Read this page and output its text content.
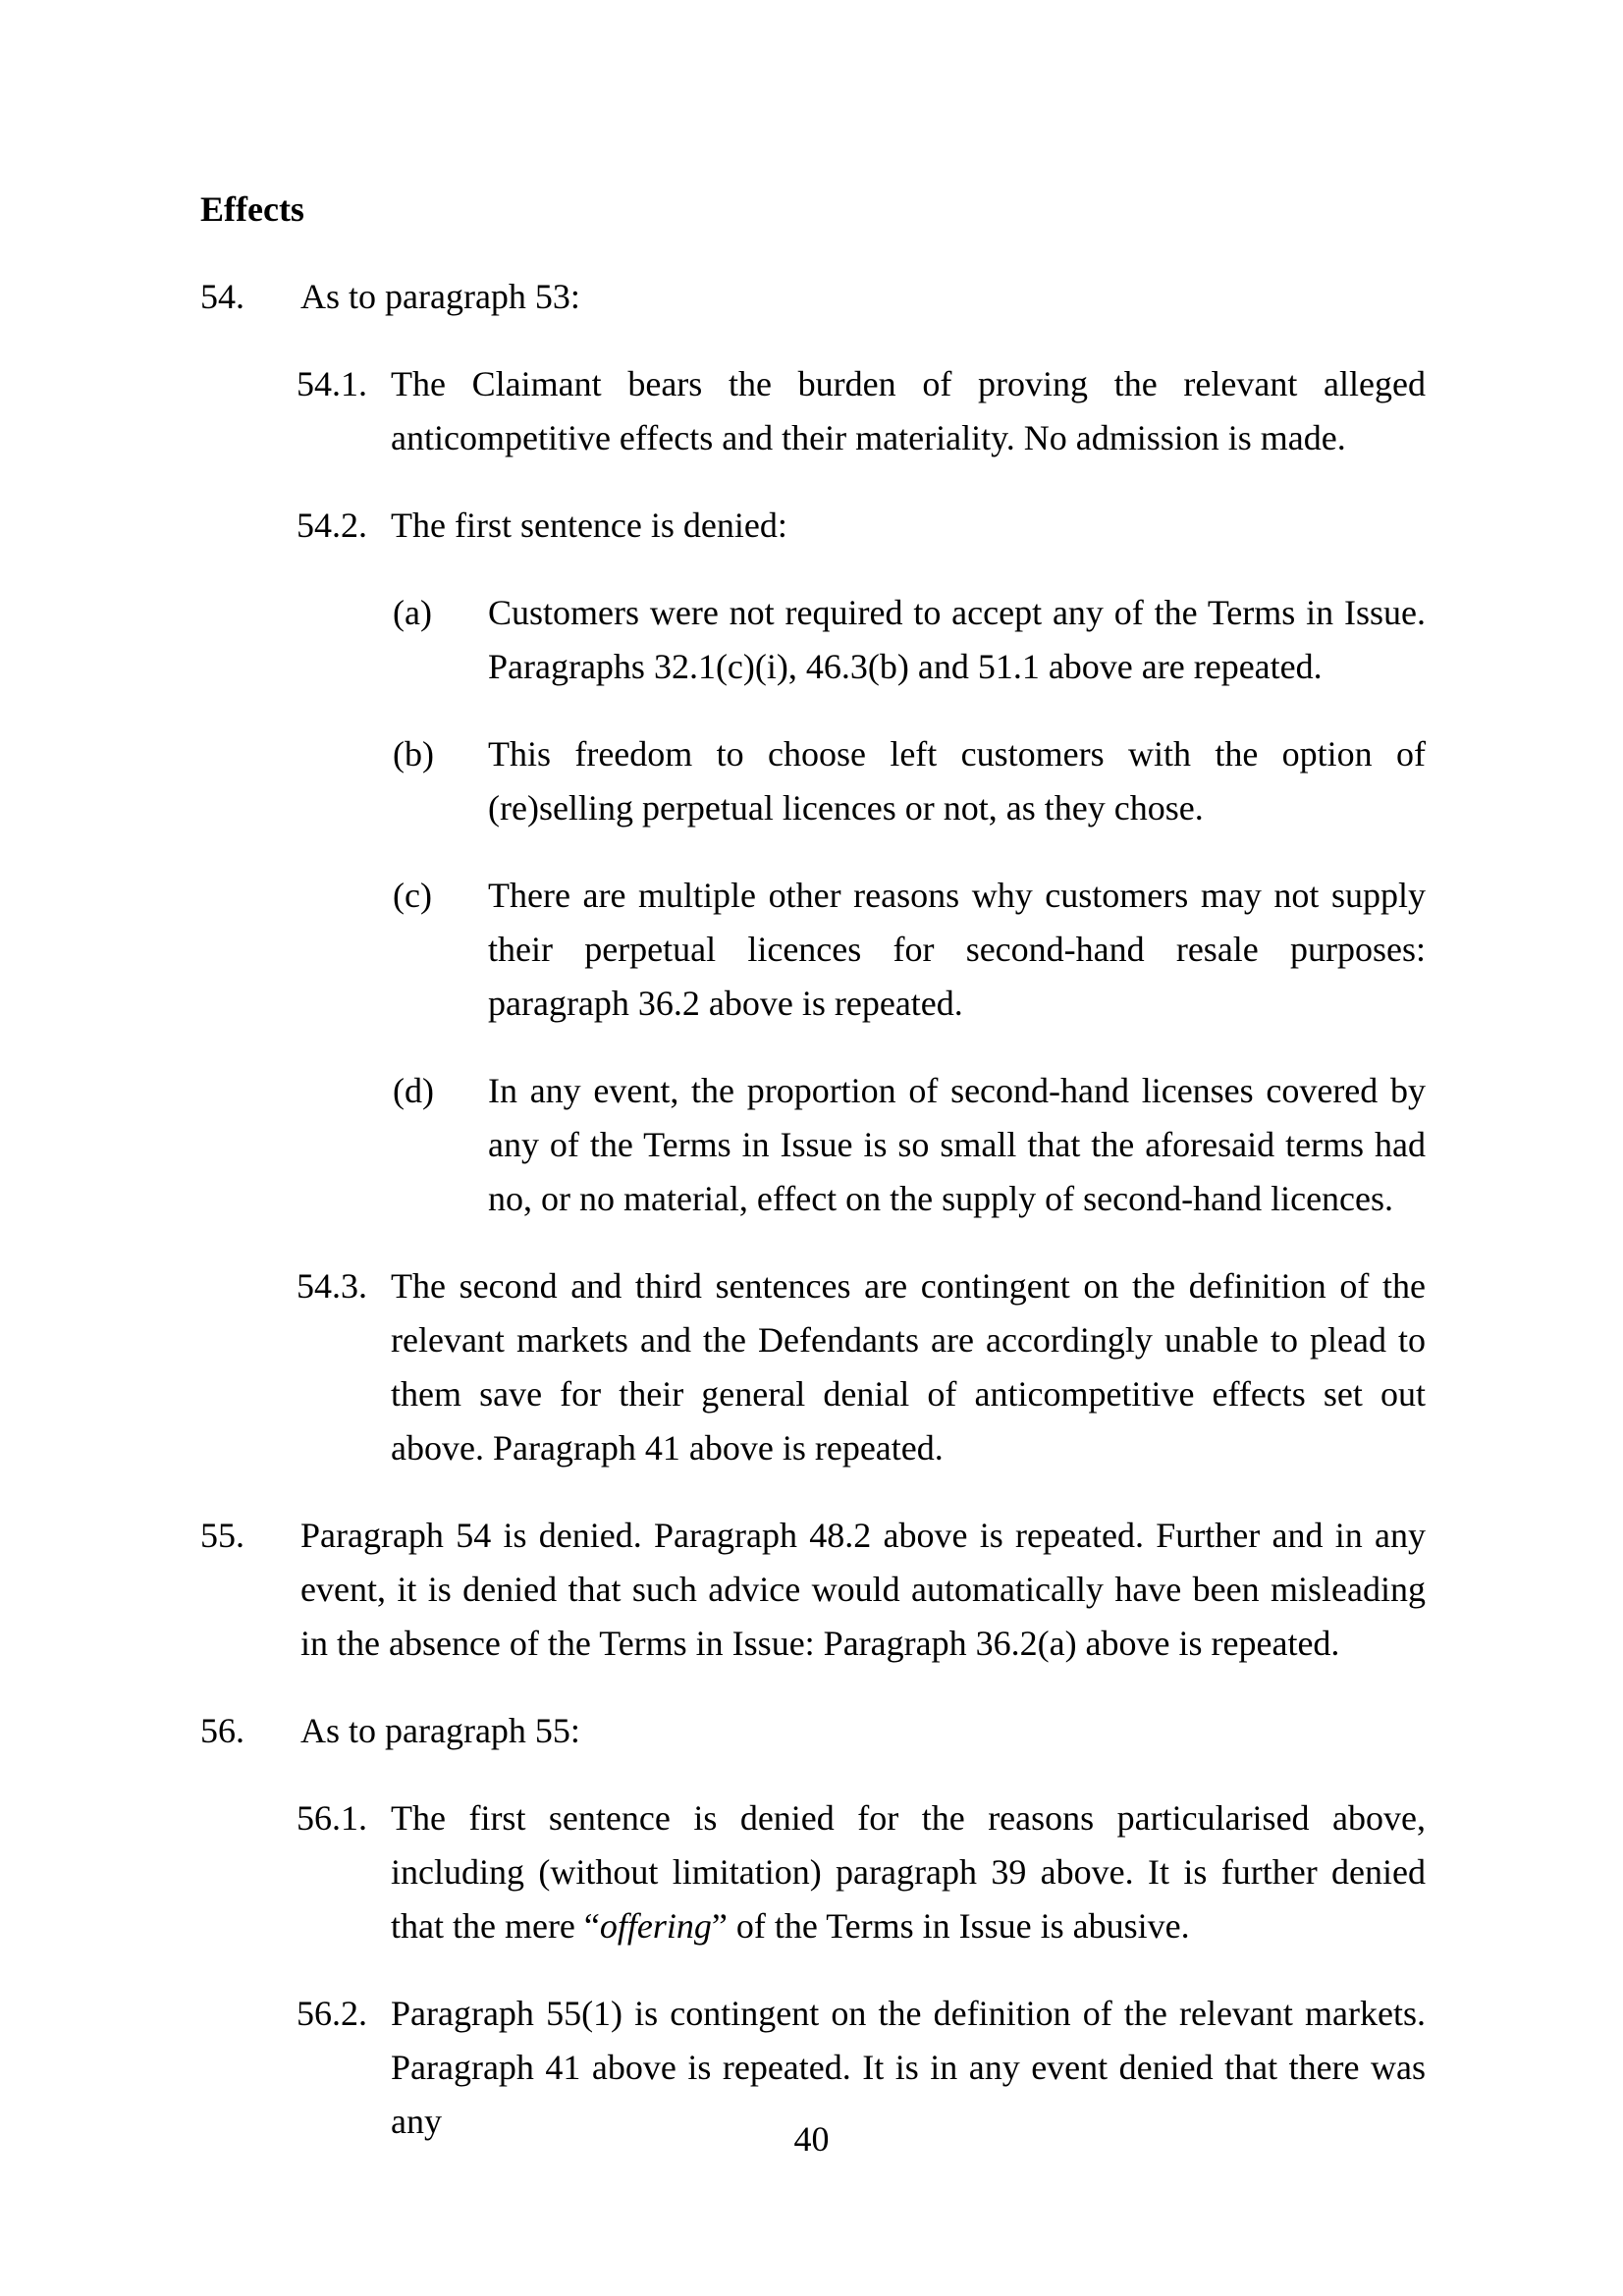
Effects
54.	As to paragraph 53:
54.1. The Claimant bears the burden of proving the relevant alleged anticompetitive effects and their materiality. No admission is made.
54.2. The first sentence is denied:
(a)	Customers were not required to accept any of the Terms in Issue. Paragraphs 32.1(c)(i), 46.3(b) and 51.1 above are repeated.
(b)	This freedom to choose left customers with the option of (re)selling perpetual licences or not, as they chose.
(c)	There are multiple other reasons why customers may not supply their perpetual licences for second-hand resale purposes: paragraph 36.2 above is repeated.
(d)	In any event, the proportion of second-hand licenses covered by any of the Terms in Issue is so small that the aforesaid terms had no, or no material, effect on the supply of second-hand licences.
54.3. The second and third sentences are contingent on the definition of the relevant markets and the Defendants are accordingly unable to plead to them save for their general denial of anticompetitive effects set out above. Paragraph 41 above is repeated.
55.	Paragraph 54 is denied. Paragraph 48.2 above is repeated. Further and in any event, it is denied that such advice would automatically have been misleading in the absence of the Terms in Issue: Paragraph 36.2(a) above is repeated.
56.	As to paragraph 55:
56.1. The first sentence is denied for the reasons particularised above, including (without limitation) paragraph 39 above. It is further denied that the mere “offering” of the Terms in Issue is abusive.
56.2. Paragraph 55(1) is contingent on the definition of the relevant markets. Paragraph 41 above is repeated. It is in any event denied that there was any	40
